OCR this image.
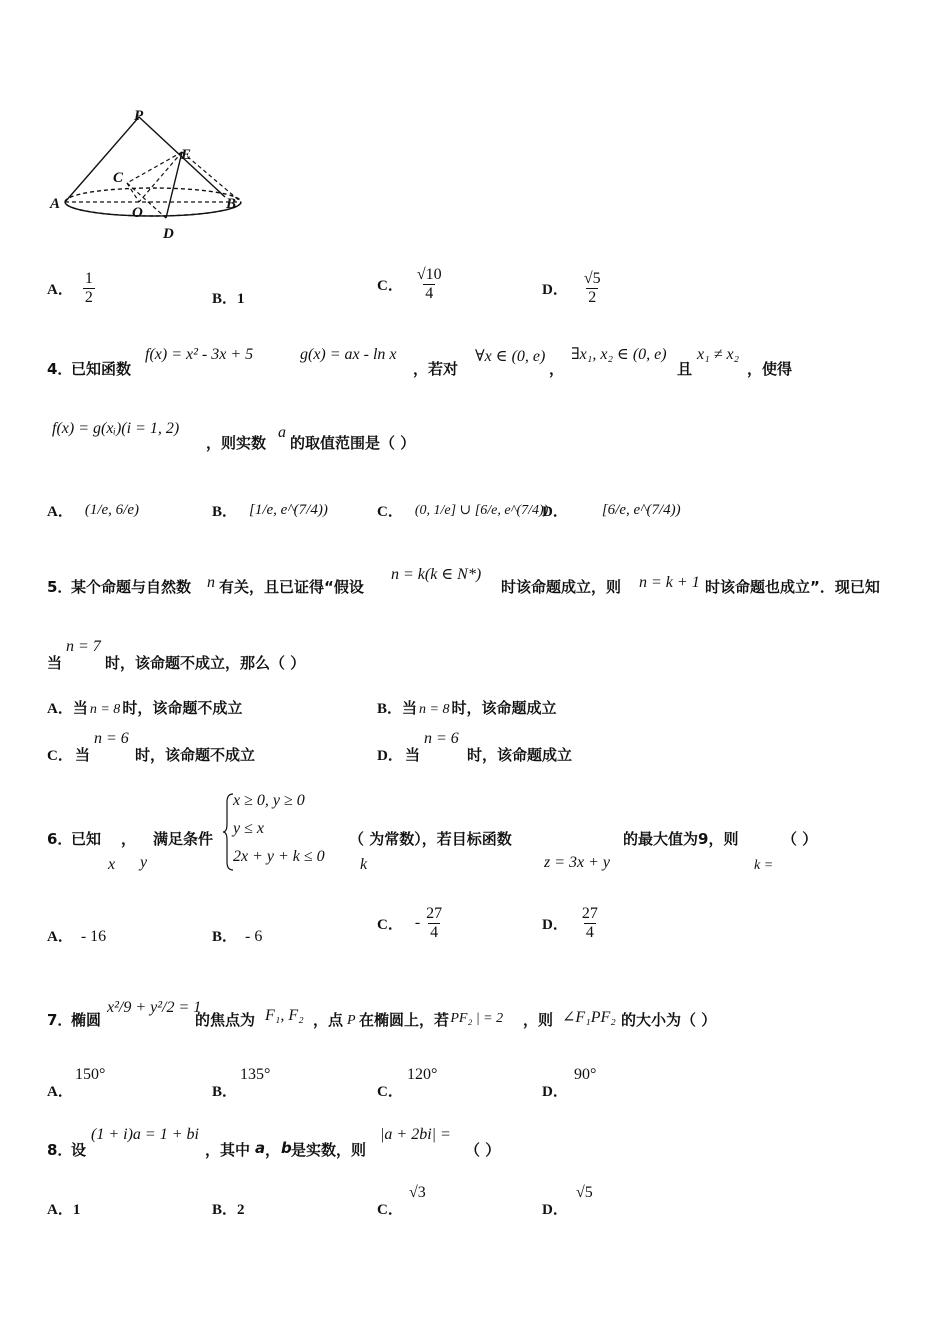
P
E
C
O
A	B
D
A． $\frac{1}{2}$	B．1
C． $\frac{√10}{4}$	D． $\frac{√5}{2}$
4．
已知函数
f(x) = x² - 3x + 5	g(x) = ax - ln x
，若对
∀x ∈ (0, e)
，
∃x₁, x₂ ∈ (0, e)
且
x₁ ≠ x₂
，使得
f(x) = g(xᵢ)(i = 1, 2)
，则实数
a
的取值范围是（ ）
A． (1/e, 6/e)	B． [1/e, e^(7/4))	C． (0, 1/e] ∪ [6/e, e^(7/4))
D． [6/e, e^(7/4))
5．
某个命题与自然数 n 有关，且已证得“假设
n = k(k ∈ N*)
时该命题成立，则 n = k + 1 时该命题也成立”．现已知
当
n = 7
时，该命题不成立，那么（ ）
A． 当 n = 8 时，该命题不成立	B． 当 n = 8 时，该命题成立
C． 当
n = 6
时，该命题不成立	D． 当
n = 6
时，该命题成立
6．
已知 ， 满足条件
x y
x ≥ 0, y ≥ 0
y ≤ x
2x + y + k ≤ 0
（ 为常数），若目标函数
k	z = 3x + y
的最大值为9，则
k =
（ ）
A． - 16	B． - 6
C． - $\frac{27}{4}$	D． $\frac{27}{4}$
7．
椭圆
x²/9 + y²/2 = 1
的焦点为 F₁, F₂ ，点 P 在椭圆上，若
| PF₂ | = 2 ，则 ∠F₁PF₂ 的大小为（ ）
A．
150°
B．
135°
C．
120°
D．
90°
8．
设
(1 + i)a = 1 + bi
，其中 a ， b 是实数，则
|a + 2bi| =
（ ）
A．1	B．2	C．
√3
D．
√5
